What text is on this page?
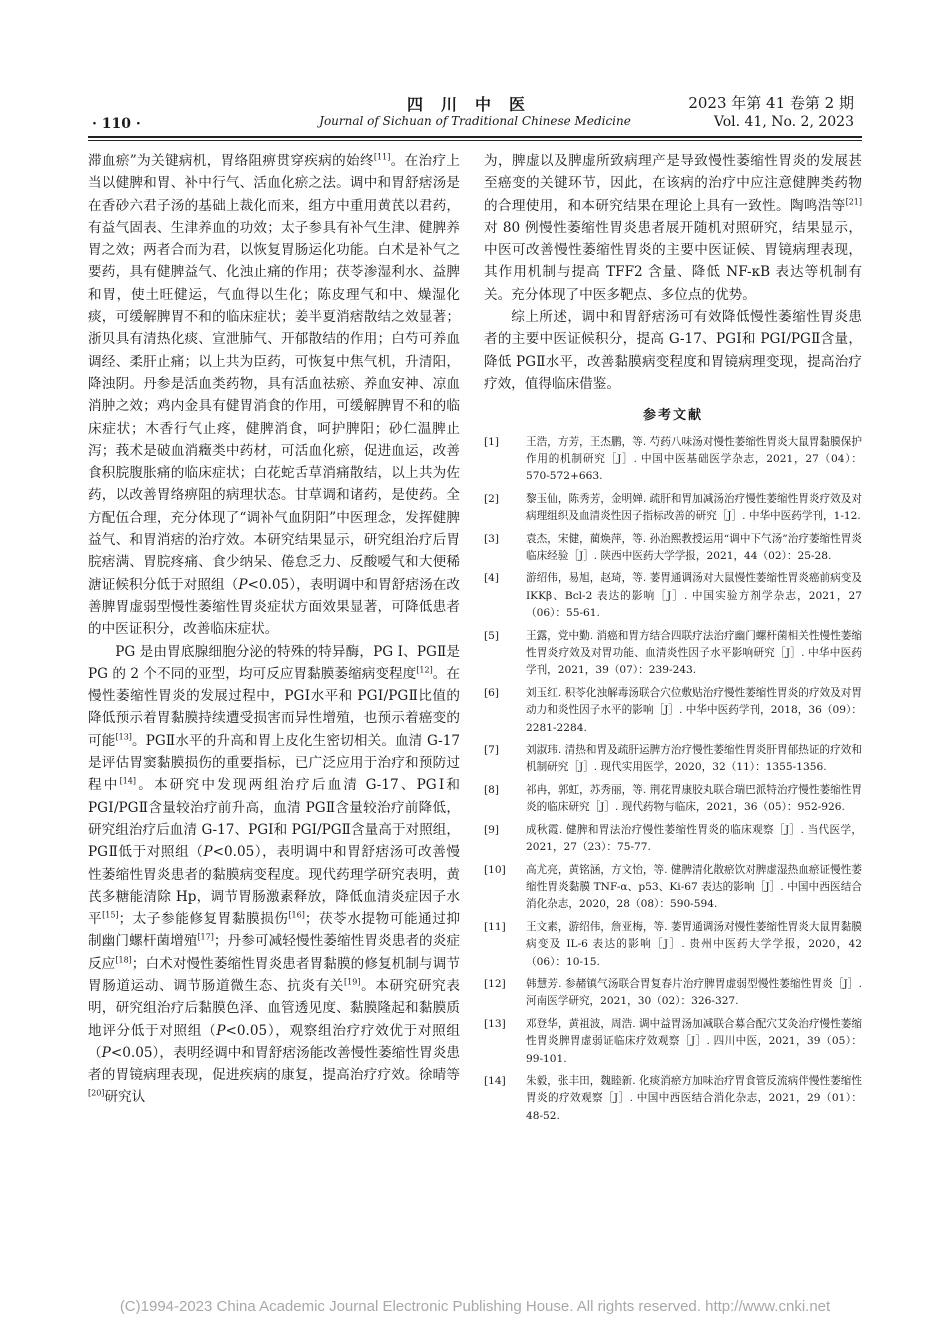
· 110 ·
四川中医
Journal of Sichuan of Traditional Chinese Medicine
2023 年第 41 卷第 2 期
Vol. 41, No. 2, 2023

滞血瘀”为关键病机，胃络阻痹贯穿疾病的始终[11]。在治疗上当以健脾和胃、补中行气、活血化瘀之法。调中和胃舒痞汤是在香砂六君子汤的基础上裁化而来，组方中重用黄芪以君药，有益气固表、生津养血的功效；太子参具有补气生津、健脾养胃之效；两者合而为君，以恢复胃肠运化功能。白术是补气之要药，具有健脾益气、化浊止痛的作用；茯苓渗湿利水、益脾和胃，使土旺健运，气血得以生化；陈皮理气和中、燥湿化痰，可缓解脾胃不和的临床症状；姜半夏消痞散结之效显著；浙贝具有清热化痰、宣泄肺气、开郁散结的作用；白芍可养血调经、柔肝止痛；以上共为臣药，可恢复中焦气机，升清阳，降浊阴。丹参是活血类药物，具有活血祛瘀、养血安神、凉血消肿之效；鸡内金具有健胃消食的作用，可缓解脾胃不和的临床症状；木香行气止疼，健脾消食，呵护脾阳；砂仁温脾止泻；莪术是破血消癥类中药材，可活血化瘀，促进血运，改善食积脘腹胀痛的临床症状；白花蛇舌草消痛散结，以上共为佐药，以改善胃络痹阻的病理状态。甘草调和诸药，是使药。全方配伍合理，充分体现了“调补气血阴阳”中医理念，发挥健脾益气、和胃消痞的治疗效。本研究结果显示，研究组治疗后胃脘痞满、胃脘疼痛、食少纳呆、倦怠乏力、反酸嗳气和大便稀溏证候积分低于对照组（P<0.05），表明调中和胃舒痞汤在改善脾胃虚弱型慢性萎缩性胃炎症状方面效果显著，可降低患者的中医证积分，改善临床症状。

PG 是由胃底腺细胞分泌的特殊的特异酶，PG Ⅰ、PGⅡ是 PG 的 2 个不同的亚型，均可反应胃黏膜萎缩病变程度[12]。在慢性萎缩性胃炎的发展过程中，PGⅠ水平和 PGⅠ/PGⅡ比值的降低预示着胃黏膜持续遭受损害而异性增殖，也预示着癌变的可能[13]。PGⅡ水平的升高和胃上皮化生密切相关。血清 G-17 是评估胃窦黏膜损伤的重要指标，已广泛应用于治疗和预防过程中[14]。本研究中发现两组治疗后血清 G-17、PGⅠ和 PGⅠ/PGⅡ含量较治疗前升高，血清 PGⅡ含量较治疗前降低，研究组治疗后血清 G-17、PGⅠ和 PGⅠ/PGⅡ含量高于对照组，PGⅡ低于对照组（P<0.05），表明调中和胃舒痞汤可改善慢性萎缩性胃炎患者的黏膜病变程度。现代药理学研究表明，黄芪多糖能清除 Hp，调节胃肠激素释放，降低血清炎症因子水平[15]；太子参能修复胃黏膜损伤[16]；茯苓水提物可能通过抑制幽门螺杆菌增殖[17]；丹参可减轻慢性萎缩性胃炎患者的炎症反应[18]；白术对慢性萎缩性胃炎患者胃黏膜的修复机制与调节胃肠道运动、调节肠道微生态、抗炎有关[19]。本研究研究表明，研究组治疗后黏膜色泽、血管透见度、黏膜隆起和黏膜质地评分低于对照组（P<0.05），观察组治疗疗效优于对照组（P<0.05），表明经调中和胃舒痞汤能改善慢性萎缩性胃炎患者的胃镜病理表现，促进疾病的康复，提高治疗疗效。徐晴等[20]研究认

为，脾虚以及脾虚所致病理产是导致慢性萎缩性胃炎的发展甚至癌变的关键环节，因此，在该病的治疗中应注意健脾类药物的合理使用，和本研究结果在理论上具有一致性。陶鸣浩等[21]对 80 例慢性萎缩性胃炎患者展开随机对照研究，结果显示，中医可改善慢性萎缩性胃炎的主要中医证候、胃镜病理表现，其作用机制与提高 TFF2 含量、降低 NF-κB 表达等机制有关。充分体现了中医多靶点、多位点的优势。

综上所述，调中和胃舒痞汤可有效降低慢性萎缩性胃炎患者的主要中医证候积分，提高 G-17、PGⅠ和 PGⅠ/PGⅡ含量，降低 PGⅡ水平，改善黏膜病变程度和胃镜病理变现，提高治疗疗效，值得临床借鉴。

参考文献
[1]	王浩，方芳，王杰鹏，等. 芍药八味汤对慢性萎缩性胃炎大鼠胃黏膜保护作用的机制研究［J］. 中国中医基础医学杂志，2021，27（04）：570-572+663.
[2]	黎玉仙，陈秀芳，金明婵. 疏肝和胃加减汤治疗慢性萎缩性胃炎疗效及对病理组织及血清炎性因子指标改善的研究［J］. 中华中医药学刊，1-12.
[3]	袁杰，宋健，蔺焕萍，等. 孙治熙教授运用“调中下气汤”治疗萎缩性胃炎临床经验［J］. 陕西中医药大学学报，2021，44（02）：25-28.
[4]	游绍伟，易旭，赵琦，等. 萎胃通调汤对大鼠慢性萎缩性胃炎癌前病变及 IKKβ、Bcl-2 表达的影响［J］. 中国实验方剂学杂志，2021，27（06）：55-61.
[5]	王露，党中勤. 消癌和胃方结合四联疗法治疗幽门螺杆菌相关性慢性萎缩性胃炎疗效及对胃功能、血清炎性因子水平影响研究［J］. 中华中医药学刊，2021，39（07）：239-243.
[6]	刘玉红. 积苓化浊解毒汤联合穴位敷贴治疗慢性萎缩性胃炎的疗效及对胃动力和炎性因子水平的影响［J］. 中华中医药学刊，2018，36（09）：2281-2284.
[7]	刘淑玮. 清热和胃及疏肝运脾方治疗慢性萎缩性胃炎肝胃郁热证的疗效和机制研究［J］. 现代实用医学，2020，32（11）：1355-1356.
[8]	祁冉，郭虹，苏秀丽，等. 荆花胃康胶丸联合瑞巴派特治疗慢性萎缩性胃炎的临床研究［J］. 现代药物与临床，2021，36（05）：952-926.
[9]	成秋霞. 健脾和胃法治疗慢性萎缩性胃炎的临床观察［J］. 当代医学，2021，27（23）：75-77.
[10] 高尤亮，黄铭涵，方文怡，等. 健脾清化散瘀饮对脾虚湿热血瘀证慢性萎缩性胃炎黏膜 TNF-α、p53、Ki-67 表达的影响［J］. 中国中西医结合消化杂志，2020，28（08）：590-594.
[11] 王文素，游绍伟，詹亚梅，等. 萎胃通调汤对慢性萎缩性胃炎大鼠胃黏膜病变及 IL-6 表达的影响［J］. 贵州中医药大学学报，2020，42（06）：10-15.
[12] 韩慧芳. 参赭镇气汤联合胃复春片治疗脾胃虚弱型慢性萎缩性胃炎［J］. 河南医学研究，2021，30（02）：326-327.
[13] 邓登华，黄祖波，周浩. 调中益胃汤加减联合募合配穴艾灸治疗慢性萎缩性胃炎脾胃虚弱证临床疗效观察［J］. 四川中医，2021，39（05）：99-101.
[14] 朱毅，张丰田，魏睦新. 化痰消瘀方加味治疗胃食管反流病伴慢性萎缩性胃炎的疗效观察［J］. 中国中西医结合消化杂志，2021，29（01）：48-52.
(C)1994-2023 China Academic Journal Electronic Publishing House. All rights reserved. http://www.cnki.net
